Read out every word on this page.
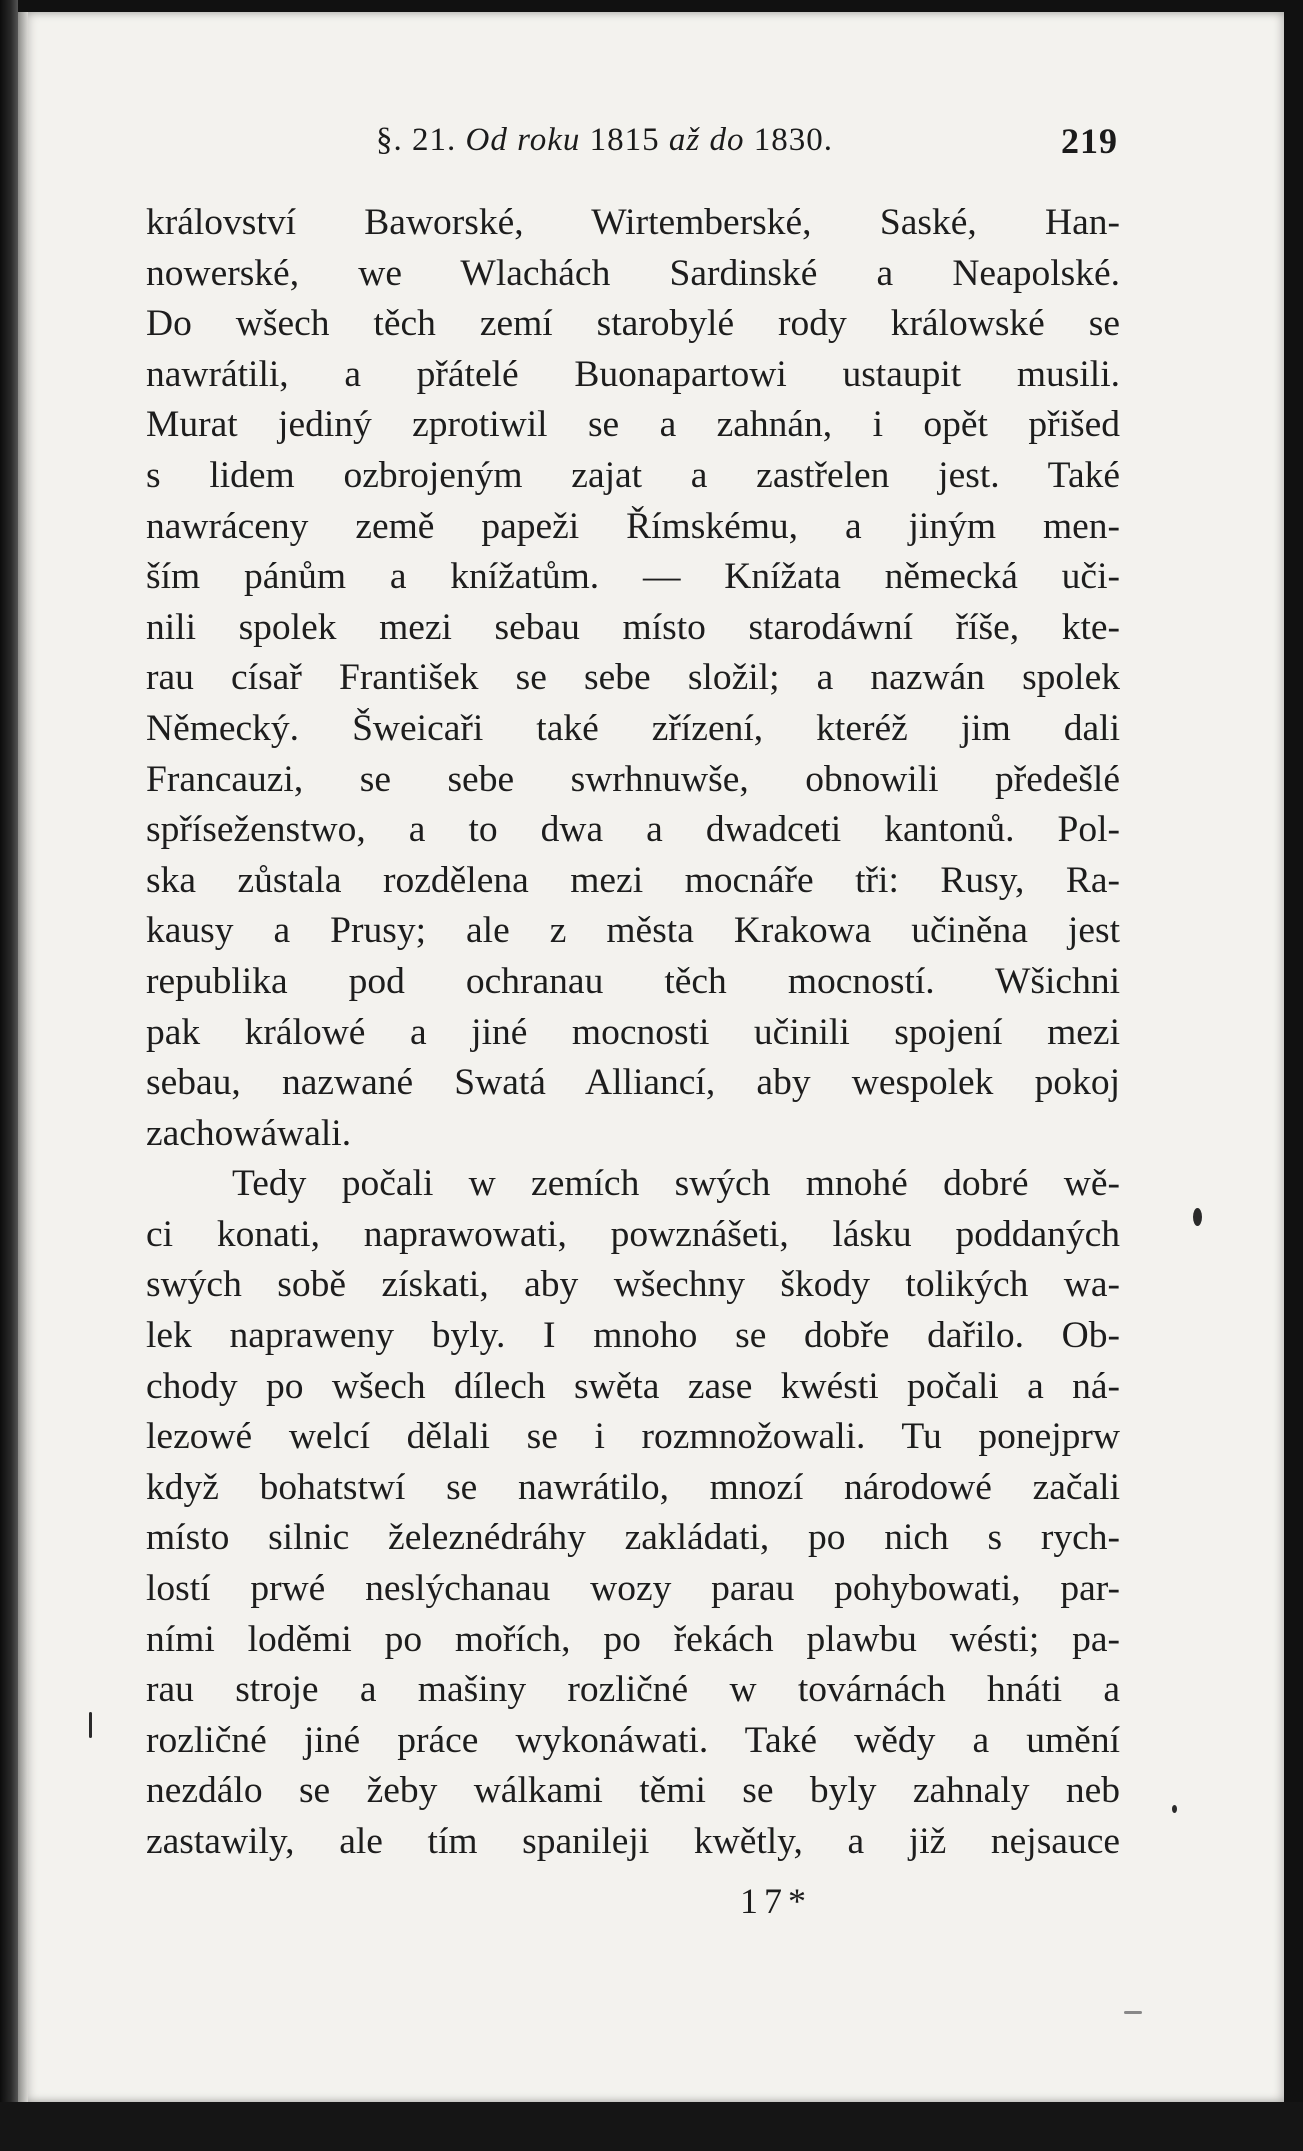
§. 21. Od roku 1815 až do 1830.	219
království Baworské, Wirtemberské, Saské, Han-
nowerské, we Wlachách Sardinské a Neapolské.
Do wšech těch zemí starobylé rody králowské se
nawrátili, a přátelé Buonapartowi ustaupit musili.
Murat jediný zprotiwil se a zahnán, i opět přišed
s lidem ozbrojeným zajat a zastřelen jest. Také
nawráceny země papeži Římskému, a jiným men-
ším pánům a knížatům. — Knížata německá uči-
nili spolek mezi sebau místo starodáwní říše, kte-
rau císař František se sebe složil; a nazwán spolek
Německý. Šweicaři také zřízení, kteréž jim dali
Francauzi, se sebe swrhnuwše, obnowili předešlé
spříseženstwo, a to dwa a dwadceti kantonů. Pol-
ska zůstala rozdělena mezi mocnáře tři: Rusy, Ra-
kausy a Prusy; ale z města Krakowa učiněna jest
republika pod ochranau těch mocností. Wšichni
pak králowé a jiné mocnosti učinili spojení mezi
sebau, nazwané Swatá Alliancí, aby wespolek pokoj
zachowáwali.
Tedy počali w zemích swých mnohé dobré wě-
ci konati, naprawowati, powznášeti, lásku poddaných
swých sobě získati, aby wšechny škody tolikých wa-
lek napraweny byly. I mnoho se dobře dařilo. Ob-
chody po wšech dílech swěta zase kwésti počali a ná-
lezowé welcí dělali se i rozmnožowali. Tu ponejprw
když bohatstwí se nawrátilo, mnozí národowé začali
místo silnic železnédráhy zakládati, po nich s rych-
lostí prwé neslýchanau wozy parau pohybowati, par-
ními loděmi po mořích, po řekách plawbu wésti; pa-
rau stroje a mašiny rozličné w továrnách hnáti a
rozličné jiné práce wykonáwati. Také wědy a umění
nezdálo se žeby wálkami těmi se byly zahnaly neb
zastawily, ale tím spanileji kwětly, a již nejsauce
17*
